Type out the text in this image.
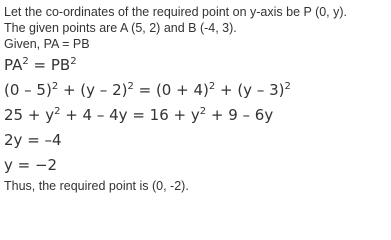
Let the co-ordinates of the required point on y-axis be P (0, y).
The given points are A (5, 2) and B (-4, 3).
Given, PA = PB
$PA^2 = PB^2$
$(0 - 5)^2 + (y - 2)^2 = (0 + 4)^2 + (y - 3)^2$
$25 + y^2 + 4 - 4y = 16 + y^2 + 9 - 6y$
2y = –4
y = −2
Thus, the required point is (0, -2).
